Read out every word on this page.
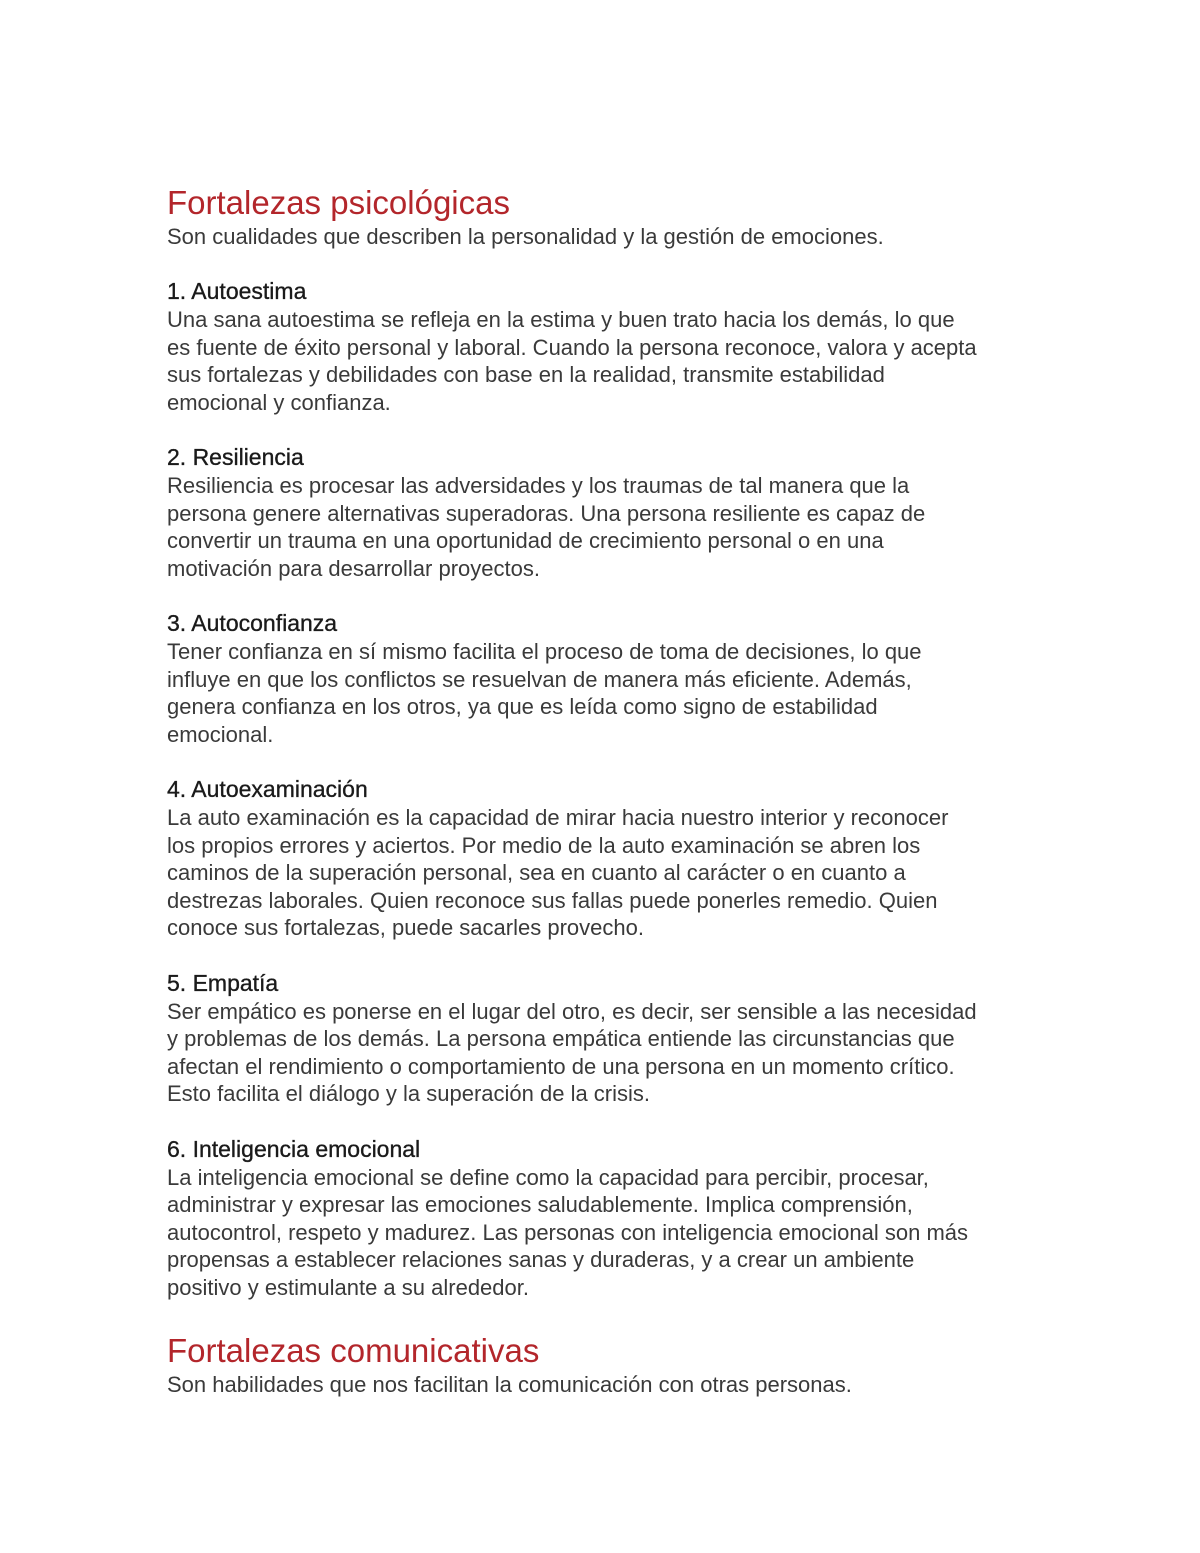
Fortalezas psicológicas

Son cualidades que describen la personalidad y la gestión de emociones.

1. Autoestima
Una sana autoestima se refleja en la estima y buen trato hacia los demás, lo que
es fuente de éxito personal y laboral. Cuando la persona reconoce, valora y acepta
sus fortalezas y debilidades con base en la realidad, transmite estabilidad
emocional y confianza.
2. Resiliencia
Resiliencia es procesar las adversidades y los traumas de tal manera que la
persona genere alternativas superadoras. Una persona resiliente es capaz de
convertir un trauma en una oportunidad de crecimiento personal o en una
motivación para desarrollar proyectos.
3. Autoconfianza
Tener confianza en sí mismo facilita el proceso de toma de decisiones, lo que
influye en que los conflictos se resuelvan de manera más eficiente. Además,
genera confianza en los otros, ya que es leída como signo de estabilidad
emocional.
4. Autoexaminación
La auto examinación es la capacidad de mirar hacia nuestro interior y reconocer
los propios errores y aciertos. Por medio de la auto examinación se abren los
caminos de la superación personal, sea en cuanto al carácter o en cuanto a
destrezas laborales. Quien reconoce sus fallas puede ponerles remedio. Quien
conoce sus fortalezas, puede sacarles provecho.
5. Empatía
Ser empático es ponerse en el lugar del otro, es decir, ser sensible a las necesidad
y problemas de los demás. La persona empática entiende las circunstancias que
afectan el rendimiento o comportamiento de una persona en un momento crítico.
Esto facilita el diálogo y la superación de la crisis.
6. Inteligencia emocional
La inteligencia emocional se define como la capacidad para percibir, procesar,
administrar y expresar las emociones saludablemente. Implica comprensión,
autocontrol, respeto y madurez. Las personas con inteligencia emocional son más
propensas a establecer relaciones sanas y duraderas, y a crear un ambiente
positivo y estimulante a su alrededor.
Fortalezas comunicativas

Son habilidades que nos facilitan la comunicación con otras personas.
